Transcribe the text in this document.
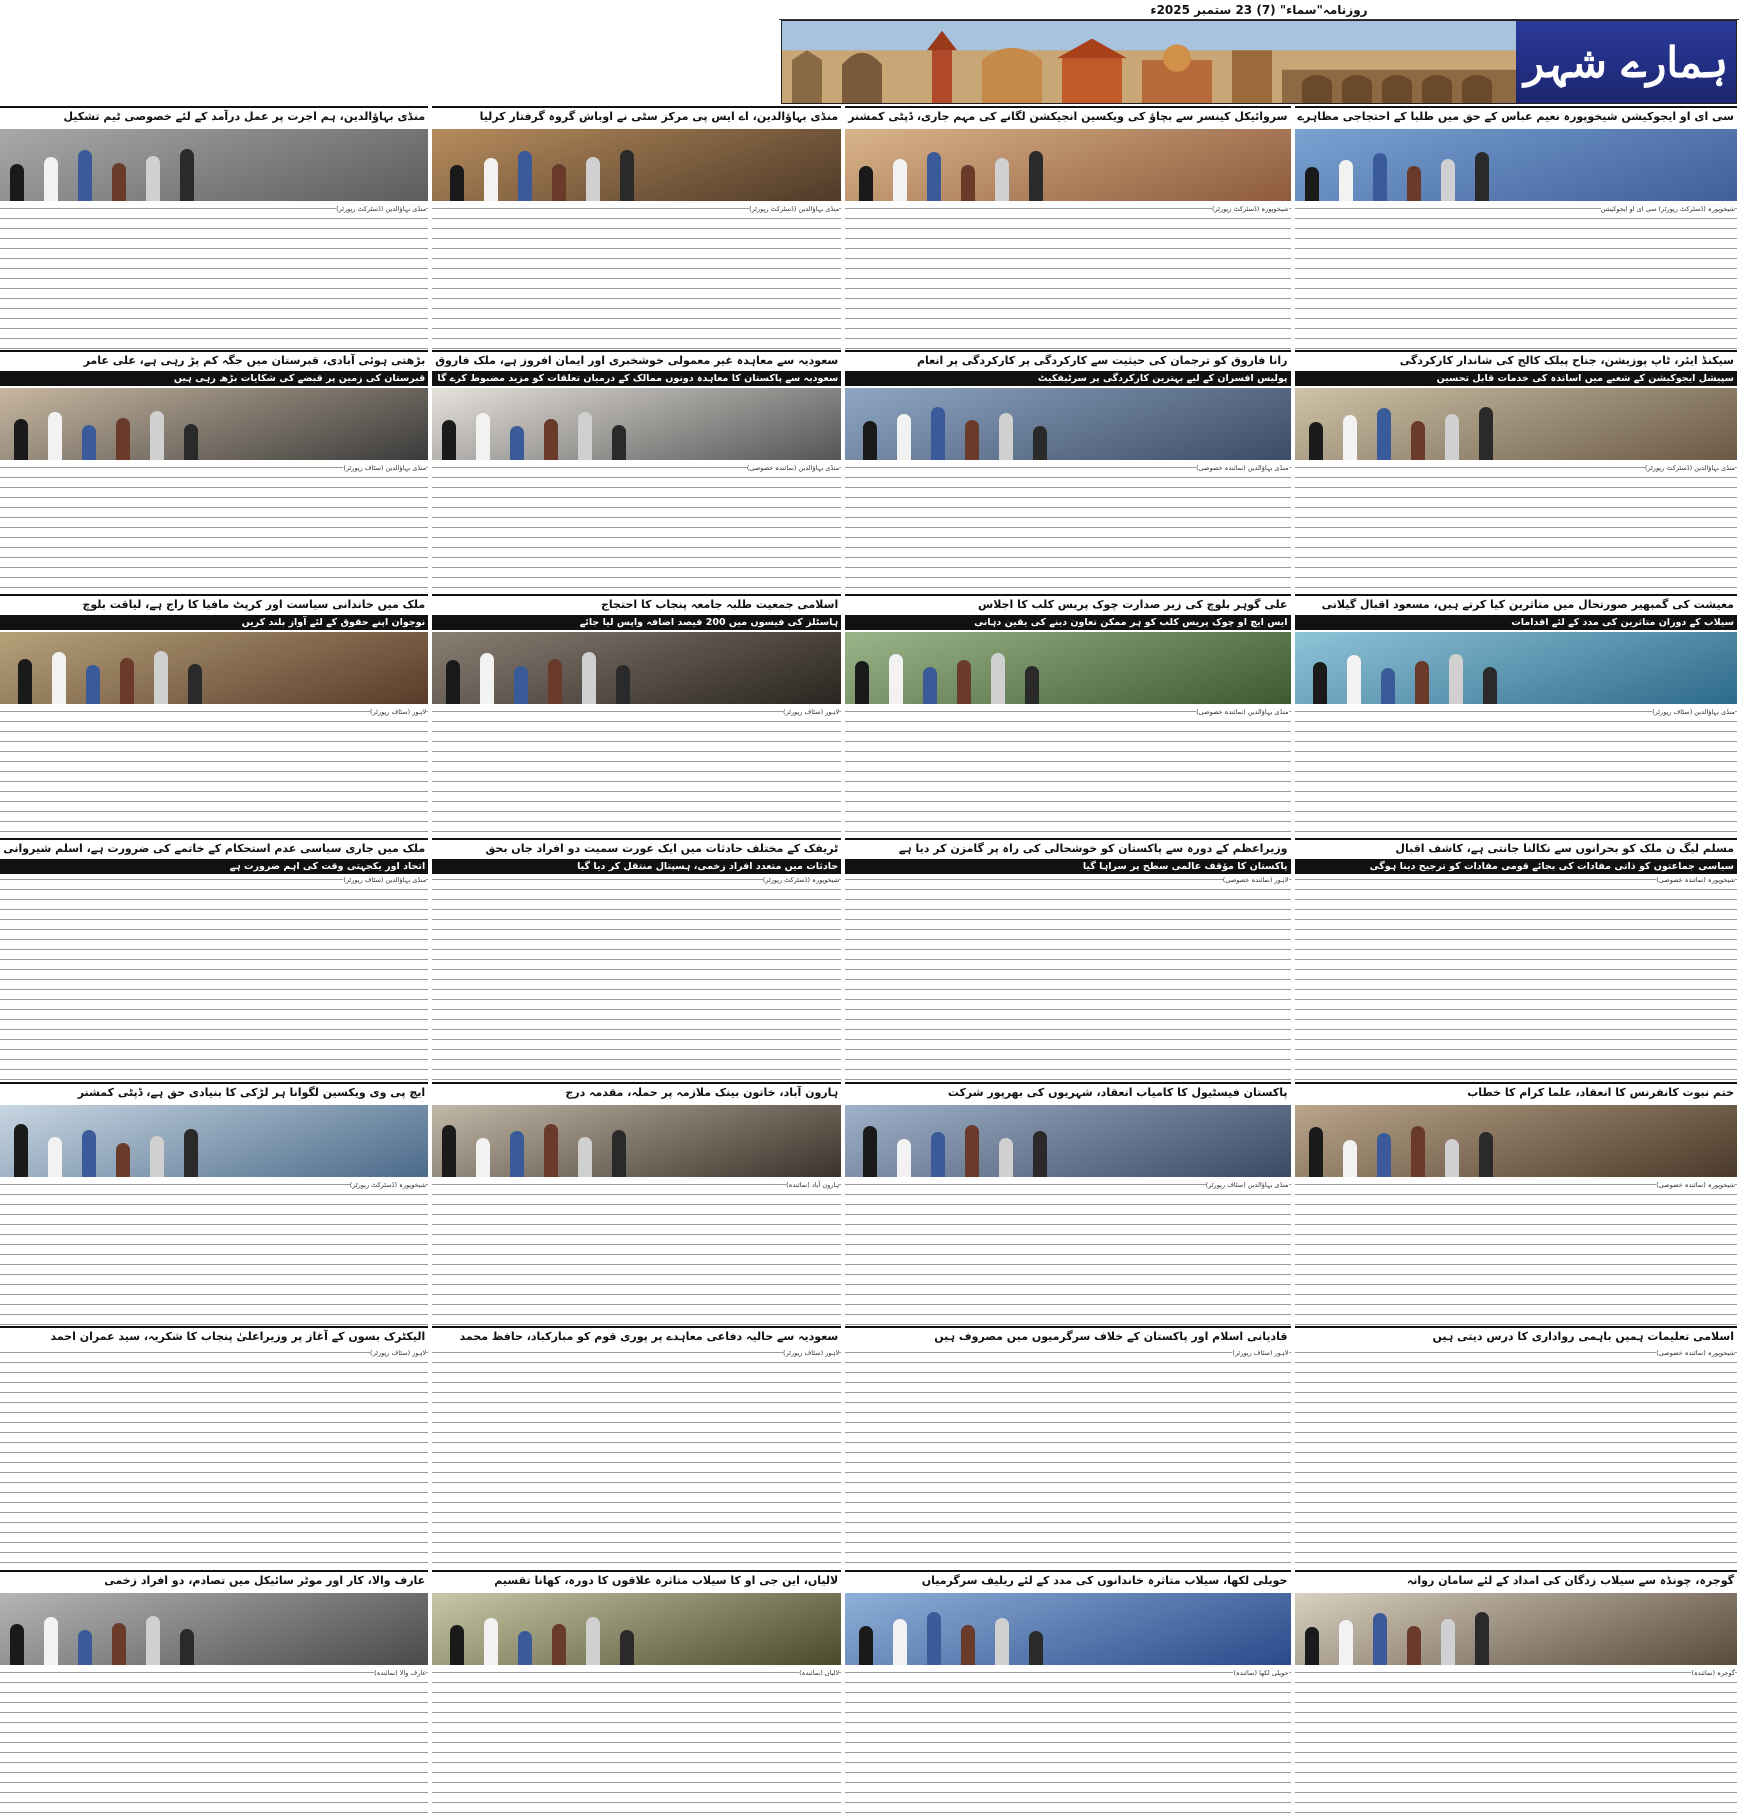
روزنامہ"سماء" (7) 23 ستمبر 2025ء
ہمارے شہر
سی ای او ایجوکیشن شیخوپورہ نعیم عباس کے حق میں طلبا کے احتجاجی مظاہرے
شیخوپورہ (ڈسٹرکٹ رپورٹر) سی ای او ایجوکیشن
سروائیکل کینسر سے بچاؤ کی ویکسین انجیکشن لگانے کی مہم جاری، ڈپٹی کمشنر
شیخوپورہ (ڈسٹرکٹ رپورٹر)
منڈی بہاؤالدین، اے ایس پی مرکز سٹی نے اوباش گروہ گرفتار کرلیا
منڈی بہاؤالدین (ڈسٹرکٹ رپورٹر)
منڈی بہاؤالدین، ہم اجرت پر عمل درآمد کے لئے خصوصی ٹیم تشکیل
منڈی بہاؤالدین (ڈسٹرکٹ رپورٹر)
سیکنڈ ایئر، ٹاپ پوزیشن، جناح پبلک کالج کی شاندار کارکردگی
سپیشل ایجوکیشن کے شعبے میں اساتذہ کی خدمات قابل تحسین
منڈی بہاؤالدین (ڈسٹرکٹ رپورٹر)
رانا فاروق کو ترجمان کی حیثیت سے کارکردگی پر کارکردگی پر انعام
پولیس افسران کے لیے بہترین کارکردگی پر سرٹیفکیٹ
منڈی بہاؤالدین (نمائندہ خصوصی)
سعودیہ سے معاہدہ غیر معمولی خوشخبری اور ایمان افروز ہے، ملک فاروق
سعودیہ سے پاکستان کا معاہدہ دونوں ممالک کے درمیان تعلقات کو مزید مضبوط کرے گا
منڈی بہاؤالدین (نمائندہ خصوصی)
بڑھتی ہوئی آبادی، قبرستان میں جگہ کم پڑ رہی ہے، علی عامر
قبرستان کی زمین پر قبضے کی شکایات بڑھ رہی ہیں
منڈی بہاؤالدین (سٹاف رپورٹر)
معیشت کی گمبھیر صورتحال میں متاثرین کیا کرتے ہیں، مسعود اقبال گیلانی
سیلاب کے دوران متاثرین کی مدد کے لئے اقدامات
منڈی بہاؤالدین (سٹاف رپورٹر)
علی گوہر بلوچ کی زیر صدارت چوک پریس کلب کا اجلاس
ایس ایچ او چوک پریس کلب کو ہر ممکن تعاون دینے کی یقین دہانی
منڈی بہاؤالدین (نمائندہ خصوصی)
اسلامی جمعیت طلبہ جامعہ پنجاب کا احتجاج
ہاسٹلز کی فیسوں میں 200 فیصد اضافہ واپس لیا جائے
لاہور (سٹاف رپورٹر)
ملک میں خاندانی سیاست اور کرپٹ مافیا کا راج ہے، لیاقت بلوچ
نوجوان اپنے حقوق کے لئے آواز بلند کریں
لاہور (سٹاف رپورٹر)
مسلم لیگ ن ملک کو بحرانوں سے نکالنا جانتی ہے، کاشف اقبال
سیاسی جماعتوں کو ذاتی مفادات کی بجائے قومی مفادات کو ترجیح دینا ہوگی
شیخوپورہ (نمائندہ خصوصی)
وزیراعظم کے دورہ سے پاکستان کو خوشحالی کی راہ پر گامزن کر دیا ہے
پاکستان کا مؤقف عالمی سطح پر سراہا گیا
لاہور (نمائندہ خصوصی)
ٹریفک کے مختلف حادثات میں ایک عورت سمیت دو افراد جاں بحق
حادثات میں متعدد افراد زخمی، ہسپتال منتقل کر دیا گیا
شیخوپورہ (ڈسٹرکٹ رپورٹر)
ملک میں جاری سیاسی عدم استحکام کے خاتمے کی ضرورت ہے، اسلم شیروانی
اتحاد اور یکجہتی وقت کی اہم ضرورت ہے
منڈی بہاؤالدین (سٹاف رپورٹر)
ختم نبوت کانفرنس کا انعقاد، علما کرام کا خطاب
شیخوپورہ (نمائندہ خصوصی)
پاکستان فیسٹیول کا کامیاب انعقاد، شہریوں کی بھرپور شرکت
منڈی بہاؤالدین (سٹاف رپورٹر)
ہارون آباد، خاتون بینک ملازمہ پر حملہ، مقدمہ درج
ہارون آباد (نمائندہ)
ایچ پی وی ویکسین لگوانا ہر لڑکی کا بنیادی حق ہے، ڈپٹی کمشنر
شیخوپورہ (ڈسٹرکٹ رپورٹر)
اسلامی تعلیمات ہمیں باہمی رواداری کا درس دیتی ہیں
شیخوپورہ (نمائندہ خصوصی)
قادیانی اسلام اور پاکستان کے خلاف سرگرمیوں میں مصروف ہیں
لاہور (سٹاف رپورٹر)
سعودیہ سے حالیہ دفاعی معاہدے پر پوری قوم کو مبارکباد، حافظ محمد
لاہور (سٹاف رپورٹر)
الیکٹرک بسوں کے آغاز پر وزیراعلیٰ پنجاب کا شکریہ، سید عمران احمد
لاہور (سٹاف رپورٹر)
گوجرہ، چونڈہ سے سیلاب زدگان کی امداد کے لئے سامان روانہ
گوجرہ (نمائندہ)
حویلی لکھا، سیلاب متاثرہ خاندانوں کی مدد کے لئے ریلیف سرگرمیاں
حویلی لکھا (نمائندہ)
لالیاں، این جی او کا سیلاب متاثرہ علاقوں کا دورہ، کھانا تقسیم
لالیاں (نمائندہ)
عارف والا، کار اور موٹر سائیکل میں تصادم، دو افراد زخمی
عارف والا (نمائندہ)
